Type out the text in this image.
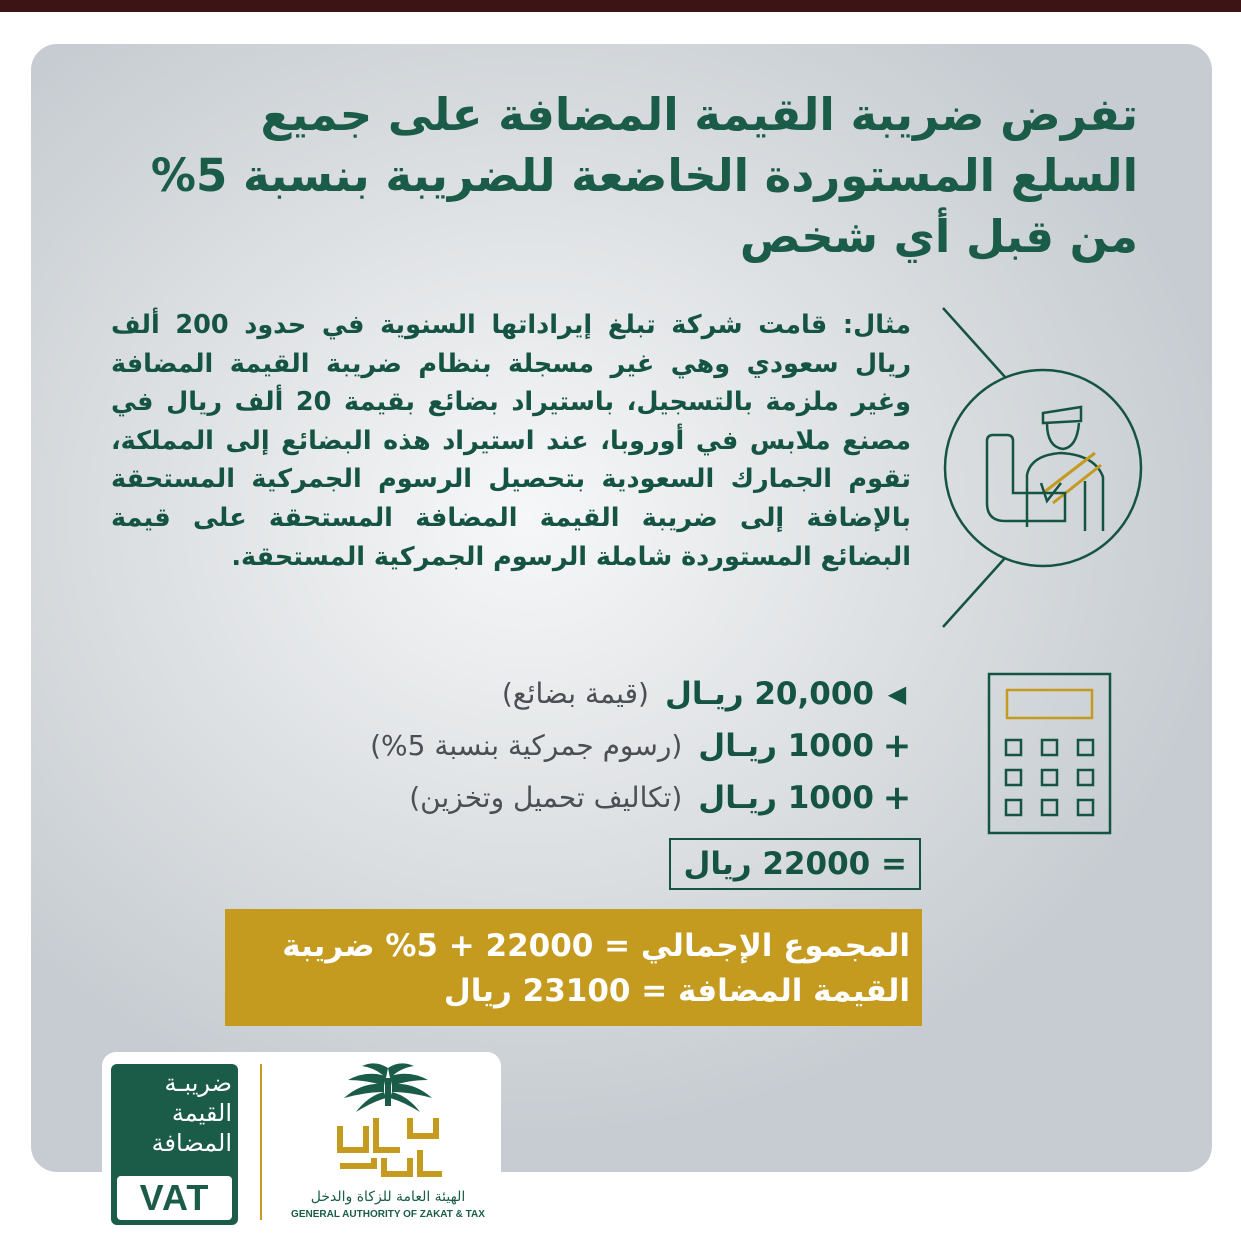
تفرض ضريبة القيمة المضافة على جميع
السلع المستوردة الخاضعة للضريبة بنسبة 5%
من قبل أي شخص

مثال: قامت شركة تبلغ إيراداتها السنوية في حدود 200 ألف ريال سعودي وهي غير مسجلة بنظام ضريبة القيمة المضافة وغير ملزمة بالتسجيل، باستيراد بضائع بقيمة 20 ألف ريال في مصنع ملابس في أوروبا، عند استيراد هذه البضائع إلى المملكة، تقوم الجمارك السعودية بتحصيل الرسوم الجمركية المستحقة بالإضافة إلى ضريبة القيمة المضافة المستحقة على قيمة البضائع المستوردة شاملة الرسوم الجمركية المستحقة.

◀
20,000 ريـال
(قيمة بضائع)
+
1000 ريـال
(رسوم جمركية بنسبة 5%)
+
1000 ريـال
(تكاليف تحميل وتخزين)
= 22000 ريال
المجموع الإجمالي = 22000 + 5% ضريبة
القيمة المضافة = 23100 ريال

ضريبـة
القيمة
المضافة

VAT	الهيئة العامة للزكاة والدخل

GENERAL AUTHORITY OF ZAKAT & TAX
